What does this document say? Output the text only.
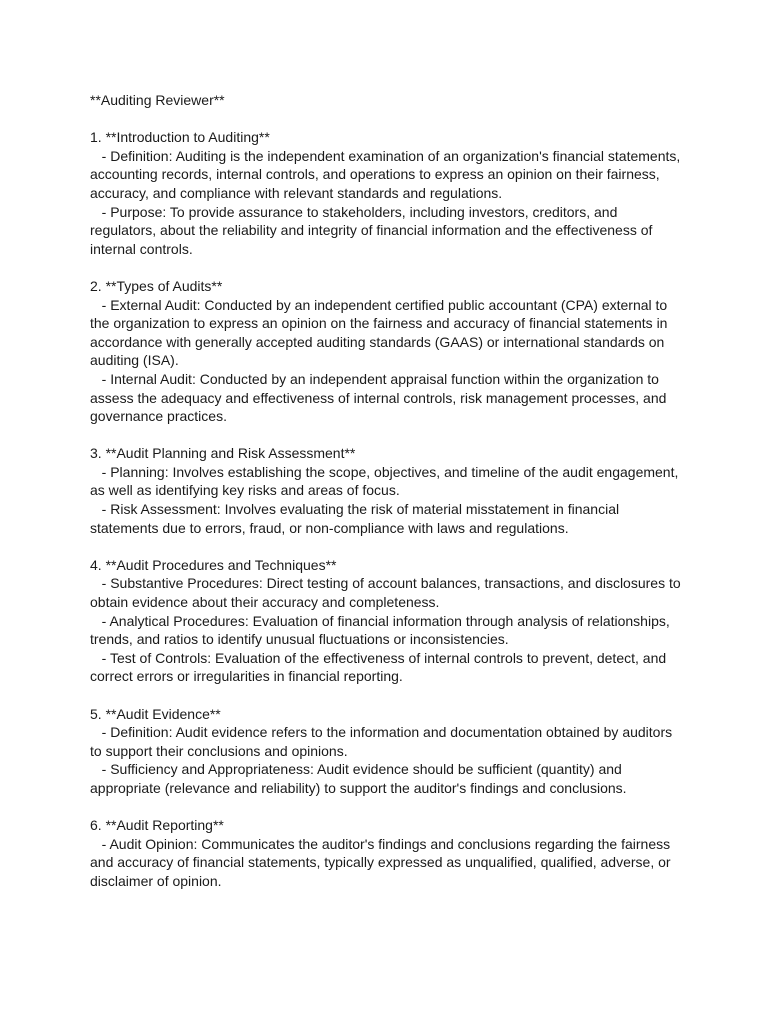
**Auditing Reviewer**
1. **Introduction to Auditing**
- Definition: Auditing is the independent examination of an organization's financial statements,
accounting records, internal controls, and operations to express an opinion on their fairness,
accuracy, and compliance with relevant standards and regulations.
- Purpose: To provide assurance to stakeholders, including investors, creditors, and
regulators, about the reliability and integrity of financial information and the effectiveness of
internal controls.
2. **Types of Audits**
- External Audit: Conducted by an independent certified public accountant (CPA) external to
the organization to express an opinion on the fairness and accuracy of financial statements in
accordance with generally accepted auditing standards (GAAS) or international standards on
auditing (ISA).
- Internal Audit: Conducted by an independent appraisal function within the organization to
assess the adequacy and effectiveness of internal controls, risk management processes, and
governance practices.
3. **Audit Planning and Risk Assessment**
- Planning: Involves establishing the scope, objectives, and timeline of the audit engagement,
as well as identifying key risks and areas of focus.
- Risk Assessment: Involves evaluating the risk of material misstatement in financial
statements due to errors, fraud, or non-compliance with laws and regulations.
4. **Audit Procedures and Techniques**
- Substantive Procedures: Direct testing of account balances, transactions, and disclosures to
obtain evidence about their accuracy and completeness.
- Analytical Procedures: Evaluation of financial information through analysis of relationships,
trends, and ratios to identify unusual fluctuations or inconsistencies.
- Test of Controls: Evaluation of the effectiveness of internal controls to prevent, detect, and
correct errors or irregularities in financial reporting.
5. **Audit Evidence**
- Definition: Audit evidence refers to the information and documentation obtained by auditors
to support their conclusions and opinions.
- Sufficiency and Appropriateness: Audit evidence should be sufficient (quantity) and
appropriate (relevance and reliability) to support the auditor's findings and conclusions.
6. **Audit Reporting**
- Audit Opinion: Communicates the auditor's findings and conclusions regarding the fairness
and accuracy of financial statements, typically expressed as unqualified, qualified, adverse, or
disclaimer of opinion.
